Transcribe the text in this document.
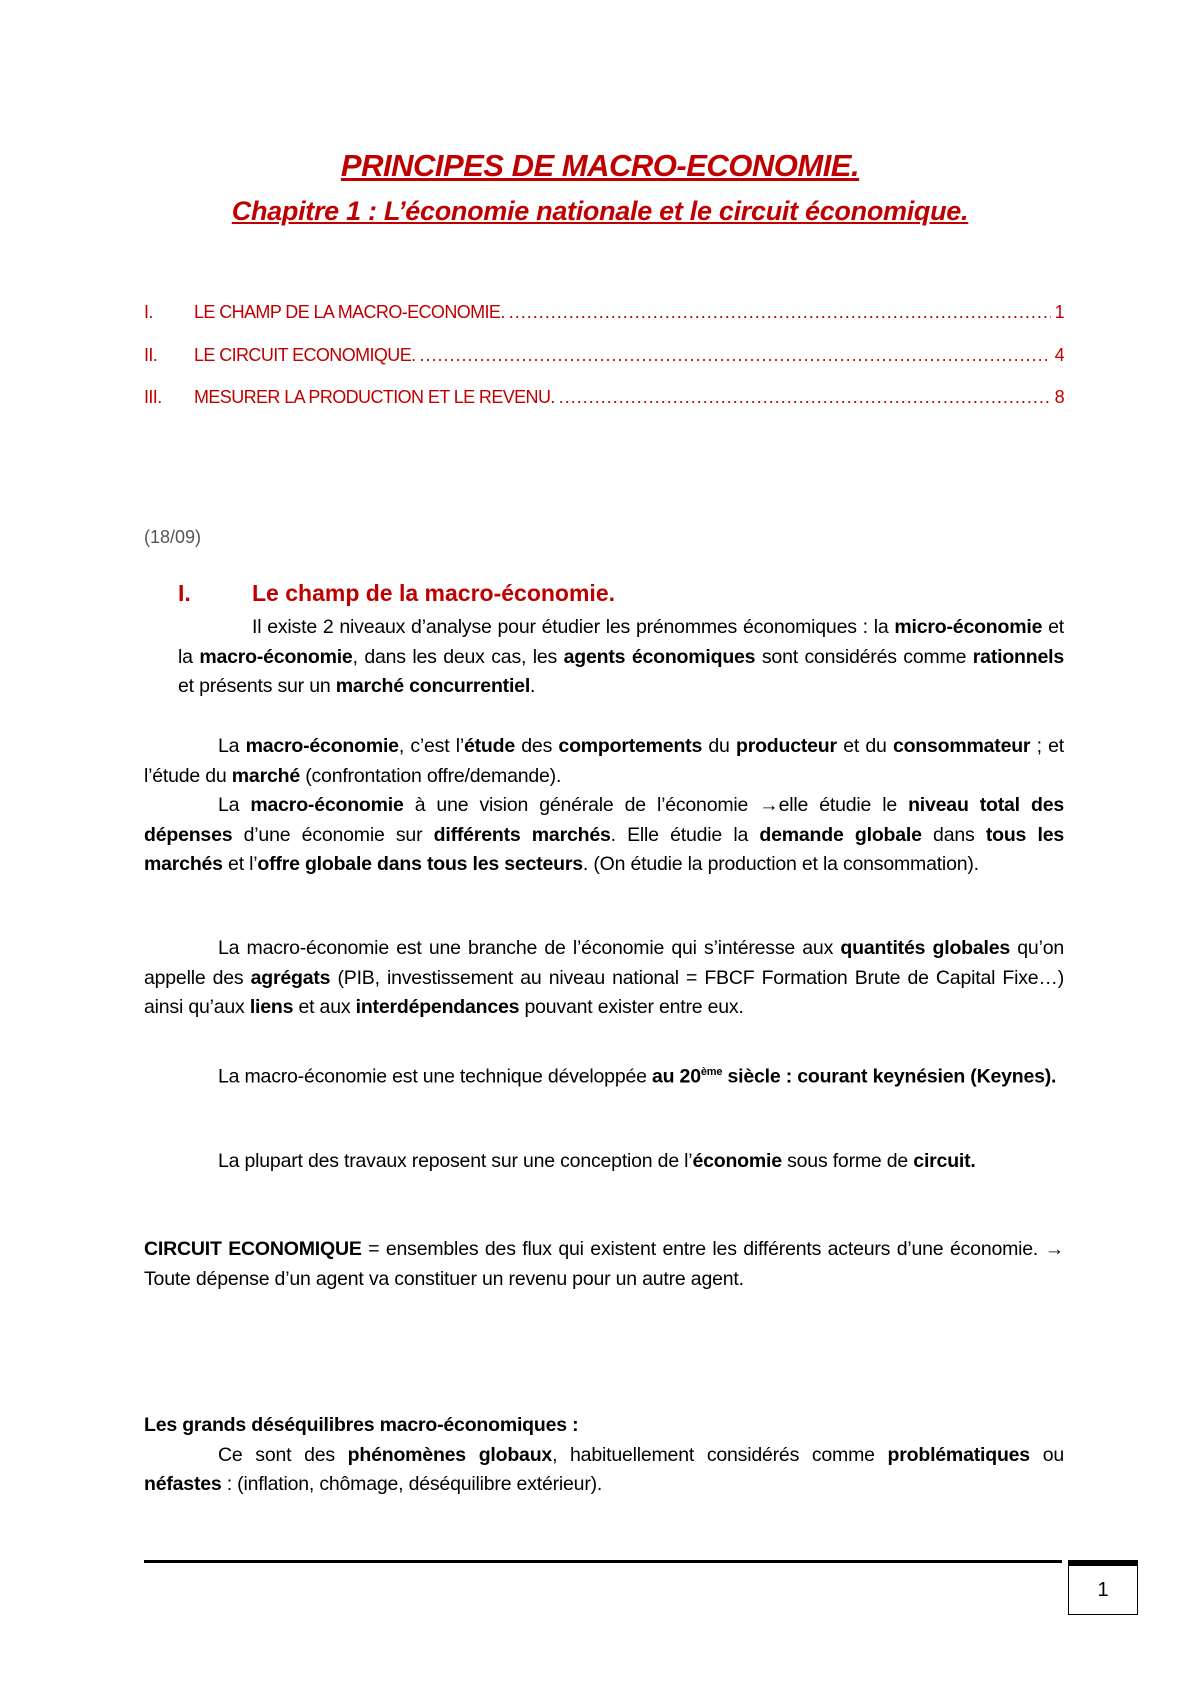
PRINCIPES DE MACRO-ECONOMIE.
Chapitre 1 : L’économie nationale et le circuit économique.
I.	LE CHAMP DE LA MACRO-ECONOMIE. .....	1
II.	LE CIRCUIT ECONOMIQUE. .....	4
III.	MESURER LA PRODUCTION ET LE REVENU. .....	8
(18/09)
I.	Le champ de la macro-économie.
Il existe 2 niveaux d’analyse pour étudier les prénommes économiques : la micro-économie et la macro-économie, dans les deux cas, les agents économiques sont considérés comme rationnels et présents sur un marché concurrentiel.
La macro-économie, c’est l’étude des comportements du producteur et du consommateur ; et l’étude du marché (confrontation offre/demande).
La macro-économie à une vision générale de l’économie →elle étudie le niveau total des dépenses d’une économie sur différents marchés. Elle étudie la demande globale dans tous les marchés et l’offre globale dans tous les secteurs. (On étudie la production et la consommation).
La macro-économie est une branche de l’économie qui s’intéresse aux quantités globales qu’on appelle des agrégats (PIB, investissement au niveau national = FBCF Formation Brute de Capital Fixe…) ainsi qu’aux liens et aux interdépendances pouvant exister entre eux.
La macro-économie est une technique développée au 20ème siècle : courant keynésien (Keynes).
La plupart des travaux reposent sur une conception de l’économie sous forme de circuit.
CIRCUIT ECONOMIQUE = ensembles des flux qui existent entre les différents acteurs d’une économie. → Toute dépense d’un agent va constituer un revenu pour un autre agent.
Les grands déséquilibres macro-économiques :
Ce sont des phénomènes globaux, habituellement considérés comme problématiques ou néfastes : (inflation, chômage, déséquilibre extérieur).
1
